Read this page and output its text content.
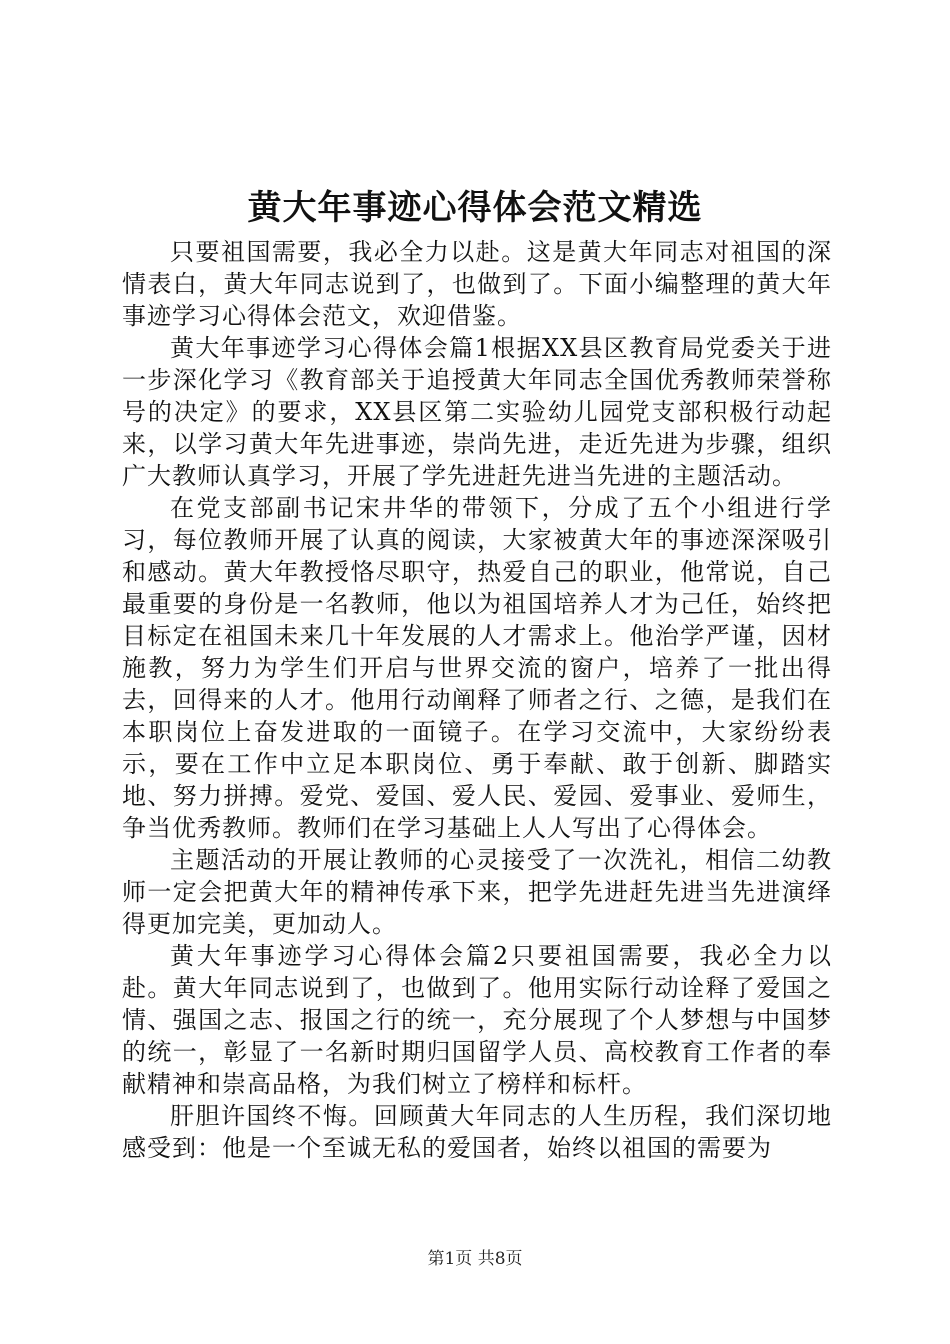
黄大年事迹心得体会范文精选

只要祖国需要，我必全力以赴。这是黄大年同志对祖国的深情表白，黄大年同志说到了，也做到了。下面小编整理的黄大年事迹学习心得体会范文，欢迎借鉴。

黄大年事迹学习心得体会篇1根据XX县区教育局党委关于进一步深化学习《教育部关于追授黄大年同志全国优秀教师荣誉称号的决定》的要求，XX县区第二实验幼儿园党支部积极行动起来，以学习黄大年先进事迹，崇尚先进，走近先进为步骤，组织广大教师认真学习，开展了学先进赶先进当先进的主题活动。

在党支部副书记宋井华的带领下，分成了五个小组进行学习，每位教师开展了认真的阅读，大家被黄大年的事迹深深吸引和感动。黄大年教授恪尽职守，热爱自己的职业，他常说，自己最重要的身份是一名教师，他以为祖国培养人才为己任，始终把目标定在祖国未来几十年发展的人才需求上。他治学严谨，因材施教，努力为学生们开启与世界交流的窗户，培养了一批出得去，回得来的人才。他用行动阐释了师者之行、之德，是我们在本职岗位上奋发进取的一面镜子。在学习交流中，大家纷纷表示，要在工作中立足本职岗位、勇于奉献、敢于创新、脚踏实地、努力拼搏。爱党、爱国、爱人民、爱园、爱事业、爱师生，争当优秀教师。教师们在学习基础上人人写出了心得体会。

主题活动的开展让教师的心灵接受了一次洗礼，相信二幼教师一定会把黄大年的精神传承下来，把学先进赶先进当先进演绎得更加完美，更加动人。

黄大年事迹学习心得体会篇2只要祖国需要，我必全力以赴。黄大年同志说到了，也做到了。他用实际行动诠释了爱国之情、强国之志、报国之行的统一，充分展现了个人梦想与中国梦的统一，彰显了一名新时期归国留学人员、高校教育工作者的奉献精神和崇高品格，为我们树立了榜样和标杆。

肝胆许国终不悔。回顾黄大年同志的人生历程，我们深切地感受到：他是一个至诚无私的爱国者，始终以祖国的需要为

第1页 共8页
